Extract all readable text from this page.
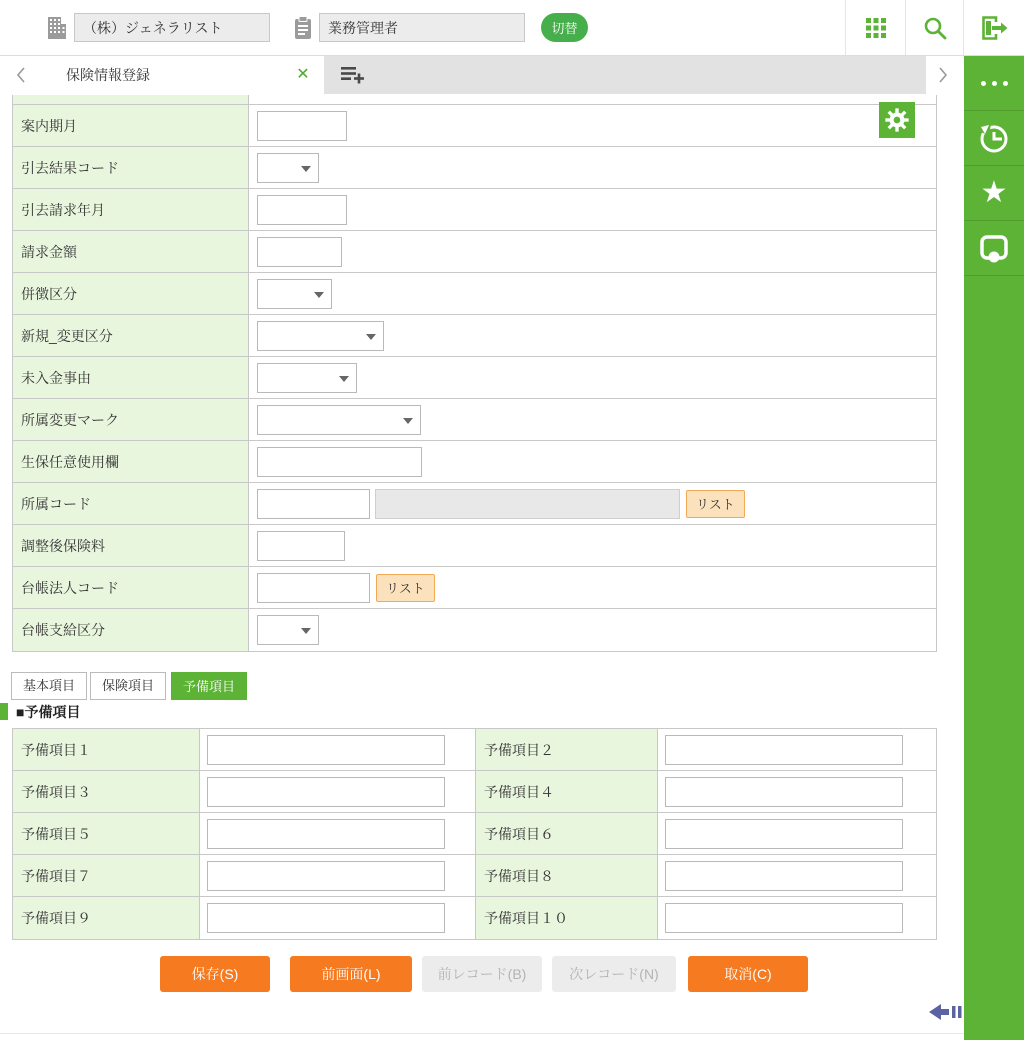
（株）ジェネラリスト
業務管理者
切替
保険情報登録	✕
★
案内期月
引去結果コード
引去請求年月
請求金額
併徴区分
新規_変更区分
未入金事由
所属変更マーク
生保任意使用欄
所属コード	リスト
調整後保険料
台帳法人コード	リスト
台帳支給区分
基本項目	保険項目	予備項目
■予備項目
予備項目１	予備項目２
予備項目３	予備項目４
予備項目５	予備項目６
予備項目７	予備項目８
予備項目９	予備項目１０
保存(S)	前画面(L)	前レコード(B)	次レコード(N)	取消(C)
